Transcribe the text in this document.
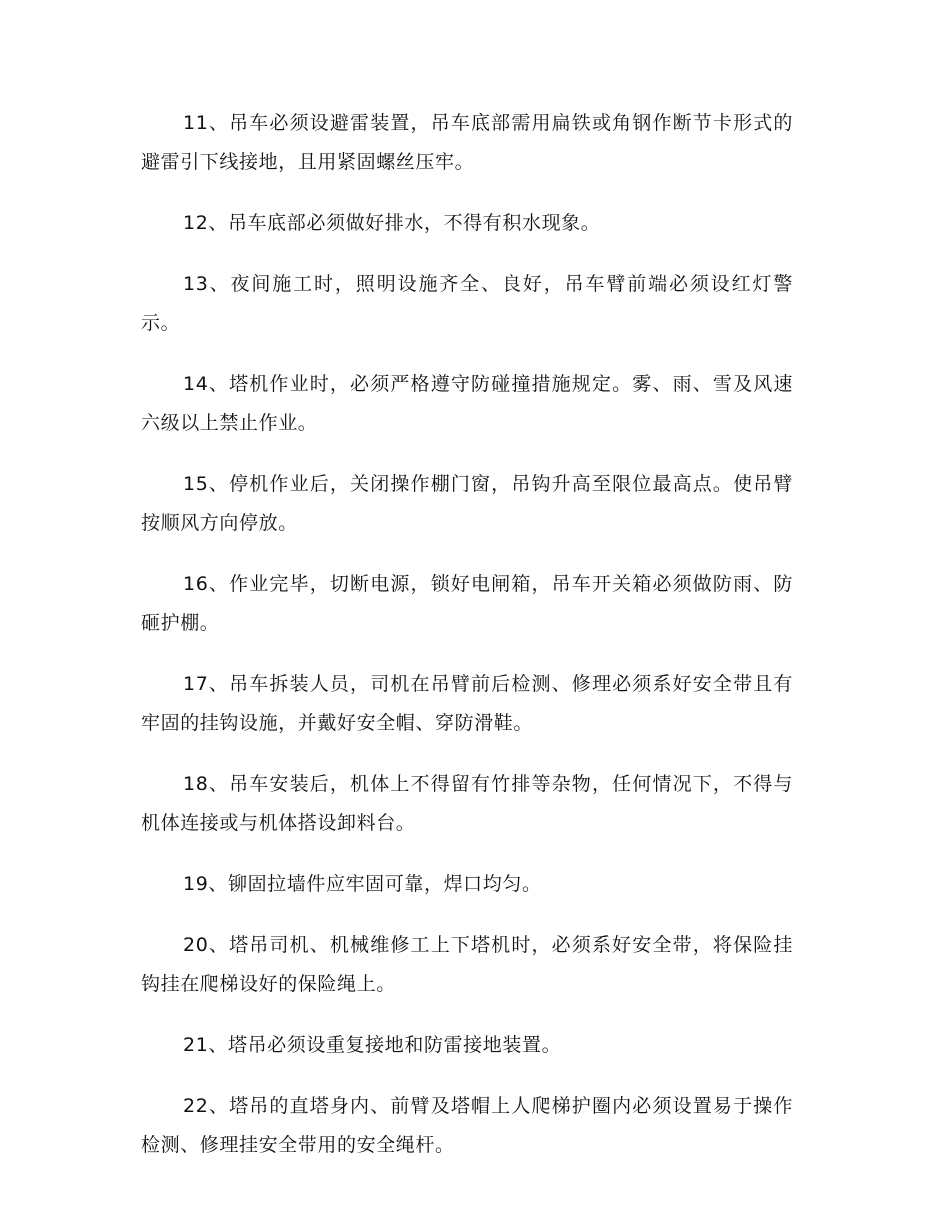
11、吊车必须设避雷装置，吊车底部需用扁铁或角钢作断节卡形式的避雷引下线接地，且用紧固螺丝压牢。

12、吊车底部必须做好排水，不得有积水现象。

13、夜间施工时，照明设施齐全、良好，吊车臂前端必须设红灯警示。

14、塔机作业时，必须严格遵守防碰撞措施规定。雾、雨、雪及风速六级以上禁止作业。

15、停机作业后，关闭操作棚门窗，吊钩升高至限位最高点。使吊臂按顺风方向停放。

16、作业完毕，切断电源，锁好电闸箱，吊车开关箱必须做防雨、防砸护棚。

17、吊车拆装人员，司机在吊臂前后检测、修理必须系好安全带且有牢固的挂钩设施，并戴好安全帽、穿防滑鞋。

18、吊车安装后，机体上不得留有竹排等杂物，任何情况下，不得与机体连接或与机体搭设卸料台。

19、铆固拉墙件应牢固可靠，焊口均匀。

20、塔吊司机、机械维修工上下塔机时，必须系好安全带，将保险挂钩挂在爬梯设好的保险绳上。

21、塔吊必须设重复接地和防雷接地装置。

22、塔吊的直塔身内、前臂及塔帽上人爬梯护圈内必须设置易于操作检测、修理挂安全带用的安全绳杆。
